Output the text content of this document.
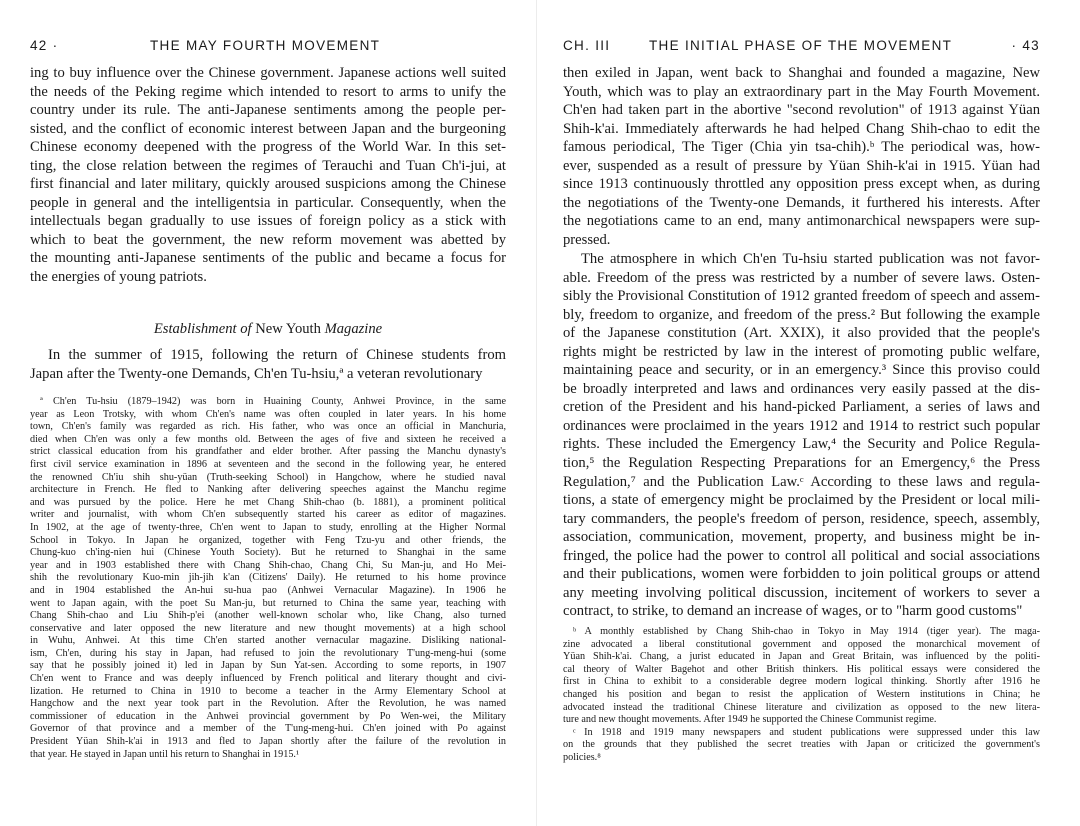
42 ·	THE MAY FOURTH MOVEMENT
ing to buy influence over the Chinese government. Japanese actions well suited
the needs of the Peking regime which intended to resort to arms to unify the
country under its rule. The anti-Japanese sentiments among the people per-
sisted, and the conflict of economic interest between Japan and the burgeoning
Chinese economy deepened with the progress of the World War. In this set-
ting, the close relation between the regimes of Terauchi and Tuan Ch'i-jui, at
first financial and later military, quickly aroused suspicions among the Chinese
people in general and the intelligentsia in particular. Consequently, when the
intellectuals began gradually to use issues of foreign policy as a stick with
which to beat the government, the new reform movement was abetted by
the mounting anti-Japanese sentiments of the public and became a focus for
the energies of young patriots.
Establishment of New Youth Magazine
In the summer of 1915, following the return of Chinese students from
Japan after the Twenty-one Demands, Ch'en Tu-hsiu,ª a veteran revolutionary
ª Ch'en Tu-hsiu (1879–1942) was born in Huaining County, Anhwei Province, in the same
year as Leon Trotsky, with whom Ch'en's name was often coupled in later years. In his home
town, Ch'en's family was regarded as rich. His father, who was once an official in Manchuria,
died when Ch'en was only a few months old. Between the ages of five and sixteen he received a
strict classical education from his grandfather and elder brother. After passing the Manchu dynasty's
first civil service examination in 1896 at seventeen and the second in the following year, he entered
the renowned Ch'iu shih shu-yüan (Truth-seeking School) in Hangchow, where he studied naval
architecture in French. He fled to Nanking after delivering speeches against the Manchu regime
and was pursued by the police. Here he met Chang Shih-chao (b. 1881), a prominent political
writer and journalist, with whom Ch'en subsequently started his career as editor of magazines.
In 1902, at the age of twenty-three, Ch'en went to Japan to study, enrolling at the Higher Normal
School in Tokyo. In Japan he organized, together with Feng Tzu-yu and other friends, the
Chung-kuo ch'ing-nien hui (Chinese Youth Society). But he returned to Shanghai in the same
year and in 1903 established there with Chang Shih-chao, Chang Chi, Su Man-ju, and Ho Mei-
shih the revolutionary Kuo-min jih-jih k'an (Citizens' Daily). He returned to his home province
and in 1904 established the An-hui su-hua pao (Anhwei Vernacular Magazine). In 1906 he
went to Japan again, with the poet Su Man-ju, but returned to China the same year, teaching with
Chang Shih-chao and Liu Shih-p'ei (another well-known scholar who, like Chang, also turned
conservative and later opposed the new literature and new thought movements) at a high school
in Wuhu, Anhwei. At this time Ch'en started another vernacular magazine. Disliking national-
ism, Ch'en, during his stay in Japan, had refused to join the revolutionary T'ung-meng-hui (some
say that he possibly joined it) led in Japan by Sun Yat-sen. According to some reports, in 1907
Ch'en went to France and was deeply influenced by French political and literary thought and civi-
lization. He returned to China in 1910 to become a teacher in the Army Elementary School at
Hangchow and the next year took part in the Revolution. After the Revolution, he was named
commissioner of education in the Anhwei provincial government by Po Wen-wei, the Military
Governor of that province and a member of the T'ung-meng-hui. Ch'en joined with Po against
President Yüan Shih-k'ai in 1913 and fled to Japan shortly after the failure of the revolution in
that year. He stayed in Japan until his return to Shanghai in 1915.¹
CH. III	THE INITIAL PHASE OF THE MOVEMENT	· 43
then exiled in Japan, went back to Shanghai and founded a magazine, New
Youth, which was to play an extraordinary part in the May Fourth Movement.
Ch'en had taken part in the abortive "second revolution" of 1913 against Yüan
Shih-k'ai. Immediately afterwards he had helped Chang Shih-chao to edit the
famous periodical, The Tiger (Chia yin tsa-chih).ᵇ The periodical was, how-
ever, suspended as a result of pressure by Yüan Shih-k'ai in 1915. Yüan had
since 1913 continuously throttled any opposition press except when, as during
the negotiations of the Twenty-one Demands, it furthered his interests. After
the negotiations came to an end, many antimonarchical newspapers were sup-
pressed.
The atmosphere in which Ch'en Tu-hsiu started publication was not favor-
able. Freedom of the press was restricted by a number of severe laws. Osten-
sibly the Provisional Constitution of 1912 granted freedom of speech and assem-
bly, freedom to organize, and freedom of the press.² But following the example
of the Japanese constitution (Art. XXIX), it also provided that the people's
rights might be restricted by law in the interest of promoting public welfare,
maintaining peace and security, or in an emergency.³ Since this proviso could
be broadly interpreted and laws and ordinances very easily passed at the dis-
cretion of the President and his hand-picked Parliament, a series of laws and
ordinances were proclaimed in the years 1912 and 1914 to restrict such popular
rights. These included the Emergency Law,⁴ the Security and Police Regula-
tion,⁵ the Regulation Respecting Preparations for an Emergency,⁶ the Press
Regulation,⁷ and the Publication Law.ᶜ According to these laws and regula-
tions, a state of emergency might be proclaimed by the President or local mili-
tary commanders, the people's freedom of person, residence, speech, assembly,
association, communication, movement, property, and business might be in-
fringed, the police had the power to control all political and social associations
and their publications, women were forbidden to join political groups or attend
any meeting involving political discussion, incitement of workers to sever a
contract, to strike, to demand an increase of wages, or to "harm good customs"
ᵇ A monthly established by Chang Shih-chao in Tokyo in May 1914 (tiger year). The maga-
zine advocated a liberal constitutional government and opposed the monarchical movement of
Yüan Shih-k'ai. Chang, a jurist educated in Japan and Great Britain, was influenced by the politi-
cal theory of Walter Bagehot and other British thinkers. His political essays were considered the
first in China to exhibit to a considerable degree modern logical thinking. Shortly after 1916 he
changed his position and began to resist the application of Western institutions in China; he
advocated instead the traditional Chinese literature and civilization as opposed to the new litera-
ture and new thought movements. After 1949 he supported the Chinese Communist regime.
ᶜ In 1918 and 1919 many newspapers and student publications were suppressed under this law
on the grounds that they published the secret treaties with Japan or criticized the government's
policies.⁸
